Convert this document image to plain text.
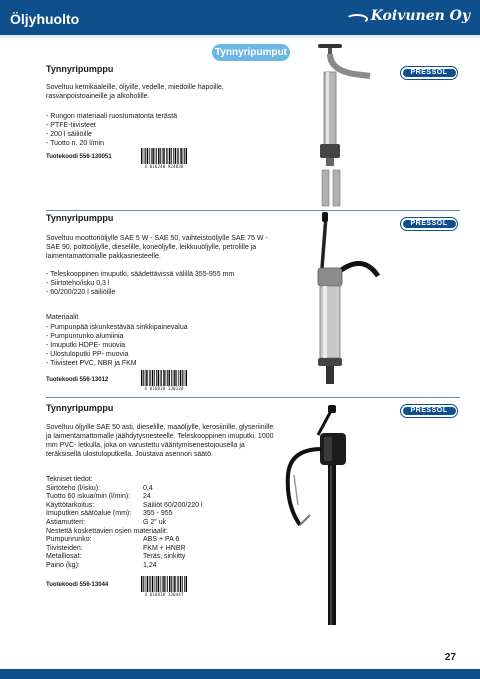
Öljyhuolto	Koivunen Oy
Tynnyripumput
Tynnyripumppu
Soveltuu kemikaaleille, öljyille, vedelle, miedoille hapoille, rasvanpoistoaineille ja alkoholille.
- Rungon materiaali ruostumatonta terästä
- PTFE-tiivisteet
- 200 l säiliöille
- Tuotto n. 20 l/min
Tuotekoodi 556-130051
4 016240 924838
PRESSOL
Tynnyripumppu
Soveltuu moottoriöljylle SAE 5 W - SAE 50, vaihteistoöljylle SAE 75 W - SAE 90, polttoöljylle, dieselille, koneöljylle, leikkuuöljylle, petrolille ja laimentamattomalle pakkasnesteelle.
- Teleskooppinen imuputki, säädettävissä välillä 355-955 mm
- Siirtoteho/isku 0,3 l
- 60/200/220 l säiliöille
Materiaalit
- Pumpunpää iskunkestävää sinkkipainevalua
- Pumpunrunko alumiinia
- Imuputki HDPE- muovia
- Ulostuloputki PP- muovia
- Tiivisteet PVC, NBR ja FKM
Tuotekoodi 556-13012
4 016810 130120
PRESSOL
Tynnyripumppu
Soveltuu öljyille SAE 50 asti, dieselille, maaöljylle, kerosiinille, glyseriinille ja laimentamattomalle jäähdytysnesteelle. Teleskooppinen imuputki. 1000 mm PVC- letkulla, joka on varustettu vääntymisenestojousella ja teräksisellä ulostuloputkella. Joustava asennon säätö.
Tekniset tiedot:
Siirtoteho (l/isku):	0,4
Tuotto 60 iskua/min (l/min):	24
Käyttötarkoitus:	Säiliöt 60/200/220 l
Imuputken säätöalue (mm):	355 - 955
Astiamutteri:	G 2" uk
Nestettä koskettavien osien materiaalit:
Pumpunrunko:	ABS + PA 6
Tiivisteiden:	FKM + HNBR
Metalliosat:	Teräs, sinkitty
Paino (kg):	1,24
Tuotekoodi 556-13044
4 016810 130447
PRESSOL
27
